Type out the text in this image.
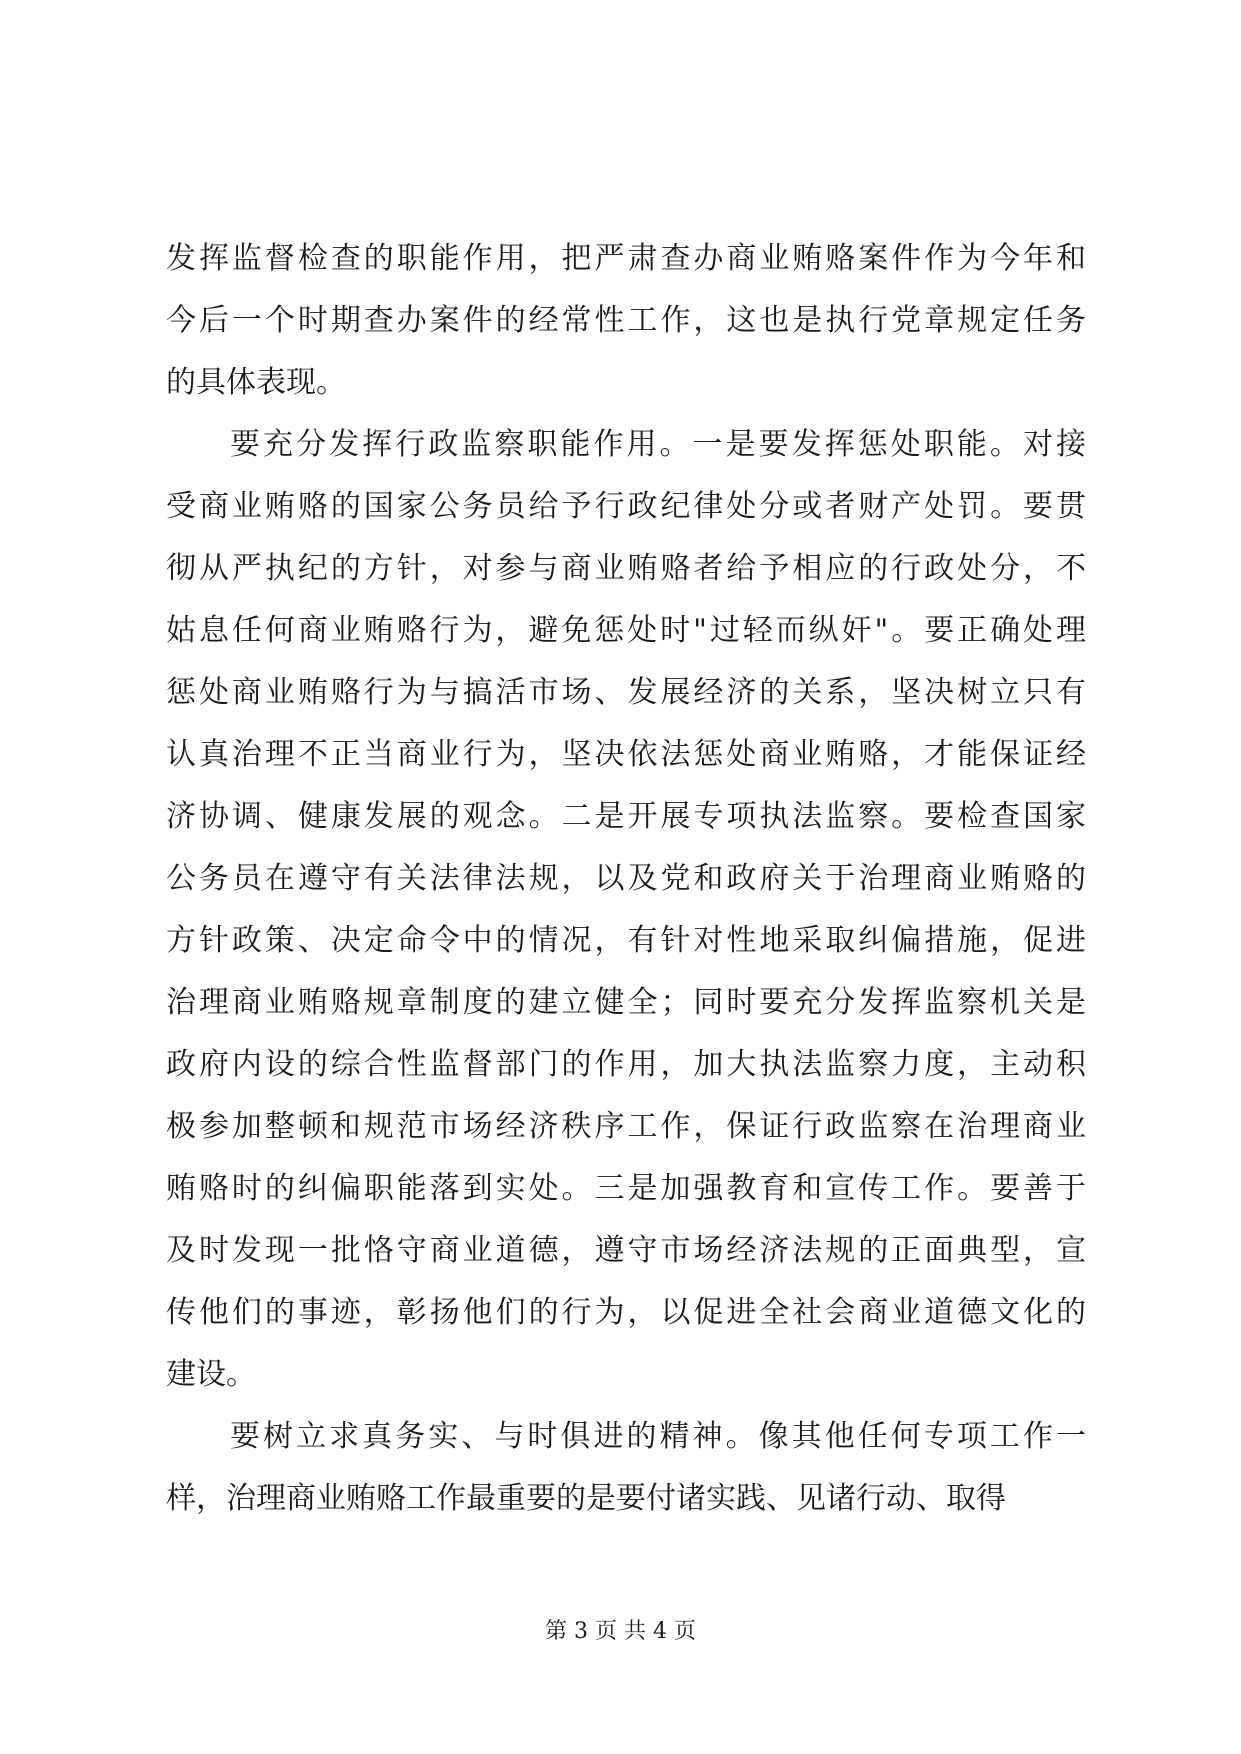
发挥监督检查的职能作用，把严肃查办商业贿赂案件作为今年和
今后一个时期查办案件的经常性工作，这也是执行党章规定任务
的具体表现。
要充分发挥行政监察职能作用。一是要发挥惩处职能。对接
受商业贿赂的国家公务员给予行政纪律处分或者财产处罚。要贯
彻从严执纪的方针，对参与商业贿赂者给予相应的行政处分，不
姑息任何商业贿赂行为，避免惩处时"过轻而纵奸"。要正确处理
惩处商业贿赂行为与搞活市场、发展经济的关系，坚决树立只有
认真治理不正当商业行为，坚决依法惩处商业贿赂，才能保证经
济协调、健康发展的观念。二是开展专项执法监察。要检查国家
公务员在遵守有关法律法规，以及党和政府关于治理商业贿赂的
方针政策、决定命令中的情况，有针对性地采取纠偏措施，促进
治理商业贿赂规章制度的建立健全；同时要充分发挥监察机关是
政府内设的综合性监督部门的作用，加大执法监察力度，主动积
极参加整顿和规范市场经济秩序工作，保证行政监察在治理商业
贿赂时的纠偏职能落到实处。三是加强教育和宣传工作。要善于
及时发现一批恪守商业道德，遵守市场经济法规的正面典型，宣
传他们的事迹，彰扬他们的行为，以促进全社会商业道德文化的
建设。
要树立求真务实、与时俱进的精神。像其他任何专项工作一
样，治理商业贿赂工作最重要的是要付诸实践、见诸行动、取得
第 3 页 共 4 页
